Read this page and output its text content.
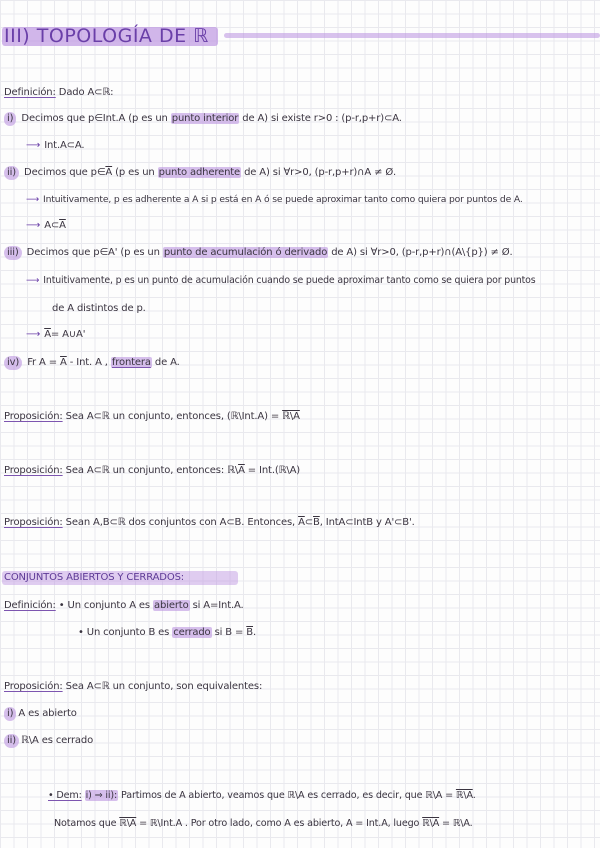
III) TOPOLOGÍA DE ℝ
Definición: Dado A⊂ℝ:
i) Decimos que p∈Int.A (p es un punto interior de A) si existe r>0 : (p-r,p+r)⊂A.
⟶ Int.A⊂A.
ii) Decimos que $p\in\overline{A}$ (p es un punto adherente de A) si ∀r>0, (p-r,p+r)∩A ≠ Ø.
⟶ Intuitivamente, p es adherente a A si p está en A ó se puede aproximar tanto como quiera por puntos de A.
⟶ $A\subset\overline{A}$
iii) Decimos que p∈A' (p es un punto de acumulación ó derivado de A) si ∀r>0, (p-r,p+r)∩(A\{p}) ≠ Ø.
⟶ Intuitivamente, p es un punto de acumulación cuando se puede aproximar tanto como se quiera por puntos
de A distintos de p.
⟶ $\overline{A}=$ A∪A'
iv) Fr $A = \overline{A}$ - Int. A , frontera de A.
Proposición: Sea A⊂ℝ un conjunto, entonces, (ℝ\Int.A) = ℝ\A
Proposición: Sea A⊂ℝ un conjunto, entonces: $ℝ\backslash\overline{A}$ = Int.(ℝ\A)
Proposición: Sean A,B⊂ℝ dos conjuntos con A⊂B. Entonces, $\overline{A}\subset\overline{B}$, IntA⊂IntB y A'⊂B'.
CONJUNTOS ABIERTOS Y CERRADOS:
Definición: • Un conjunto A es abierto si A=Int.A.
• Un conjunto B es cerrado si $B = \overline{B}$.
Proposición: Sea A⊂ℝ un conjunto, son equivalentes:
i) A es abierto
ii) ℝ\A es cerrado
• Dem: i) ⇒ ii): Partimos de A abierto, veamos que ℝ\A es cerrado, es decir, que ℝ\A = ℝ\A.
Notamos que ℝ\A = ℝ\Int.A . Por otro lado, como A es abierto, A = Int.A, luego ℝ\A = ℝ\A.
